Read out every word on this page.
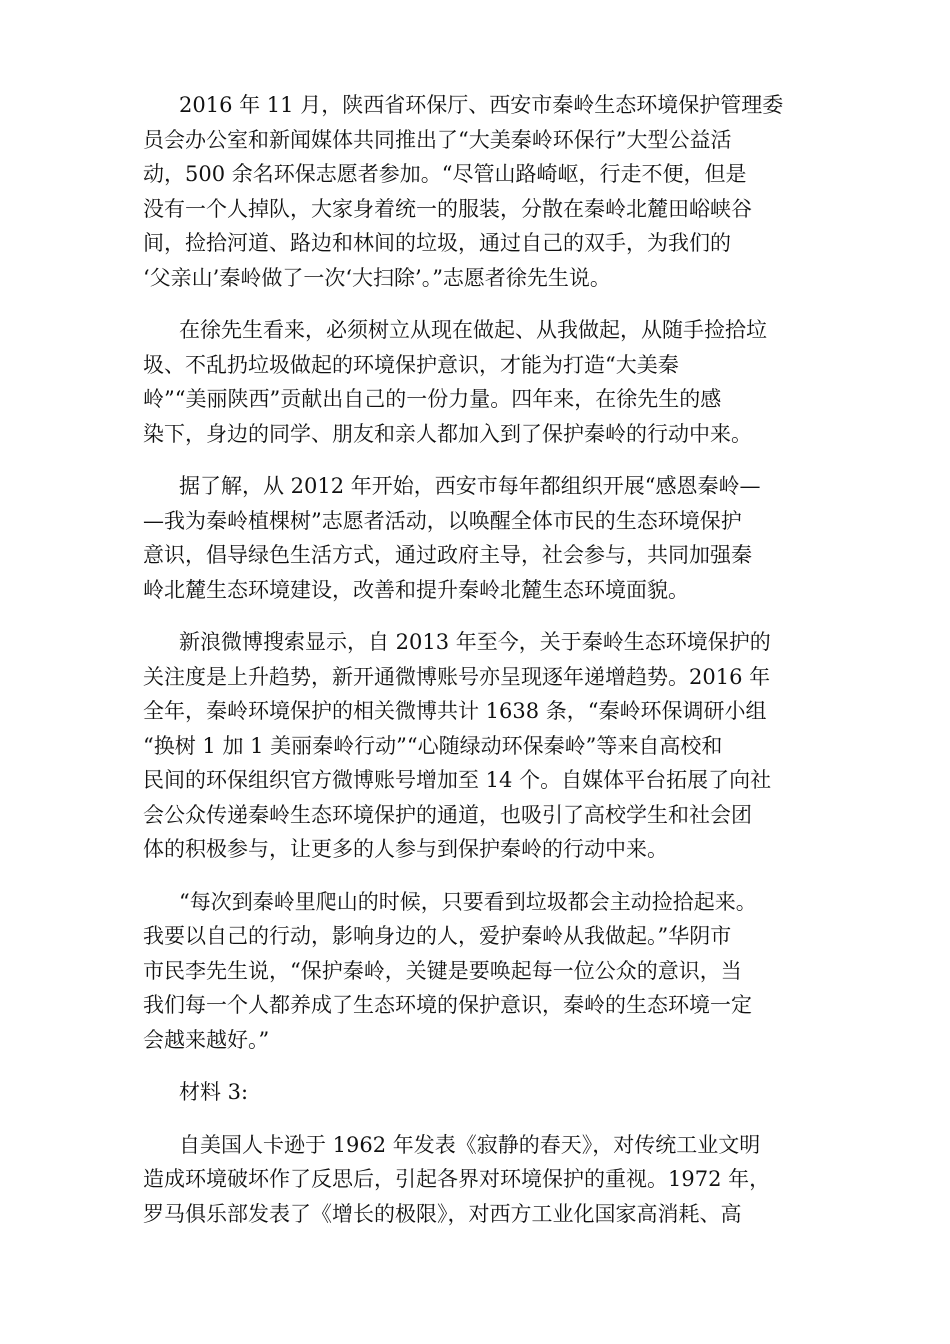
2016 年 11 月，陕西省环保厅、西安市秦岭生态环境保护管理委
员会办公室和新闻媒体共同推出了“大美秦岭环保行”大型公益活
动，500 余名环保志愿者参加。“尽管山路崎岖，行走不便，但是
没有一个人掉队，大家身着统一的服装，分散在秦岭北麓田峪峡谷
间，捡拾河道、路边和林间的垃圾，通过自己的双手，为我们的
‘父亲山’秦岭做了一次‘大扫除’。”志愿者徐先生说。

在徐先生看来，必须树立从现在做起、从我做起，从随手捡拾垃
圾、不乱扔垃圾做起的环境保护意识，才能为打造“大美秦
岭”“美丽陕西”贡献出自己的一份力量。四年来，在徐先生的感
染下，身边的同学、朋友和亲人都加入到了保护秦岭的行动中来。

据了解，从 2012 年开始，西安市每年都组织开展“感恩秦岭—
—我为秦岭植棵树”志愿者活动，以唤醒全体市民的生态环境保护
意识，倡导绿色生活方式，通过政府主导，社会参与，共同加强秦
岭北麓生态环境建设，改善和提升秦岭北麓生态环境面貌。

新浪微博搜索显示，自 2013 年至今，关于秦岭生态环境保护的
关注度是上升趋势，新开通微博账号亦呈现逐年递增趋势。2016 年
全年，秦岭环境保护的相关微博共计 1638 条，“秦岭环保调研小组
“换树 1 加 1 美丽秦岭行动”“心随绿动环保秦岭”等来自高校和
民间的环保组织官方微博账号增加至 14 个。自媒体平台拓展了向社
会公众传递秦岭生态环境保护的通道，也吸引了高校学生和社会团
体的积极参与，让更多的人参与到保护秦岭的行动中来。

“每次到秦岭里爬山的时候，只要看到垃圾都会主动捡拾起来。
我要以自己的行动，影响身边的人，爱护秦岭从我做起。”华阴市
市民李先生说，“保护秦岭，关键是要唤起每一位公众的意识，当
我们每一个人都养成了生态环境的保护意识，秦岭的生态环境一定
会越来越好。”

材料 3:

自美国人卡逊于 1962 年发表《寂静的春天》，对传统工业文明
造成环境破坏作了反思后，引起各界对环境保护的重视。1972 年，
罗马俱乐部发表了《增长的极限》，对西方工业化国家高消耗、高
